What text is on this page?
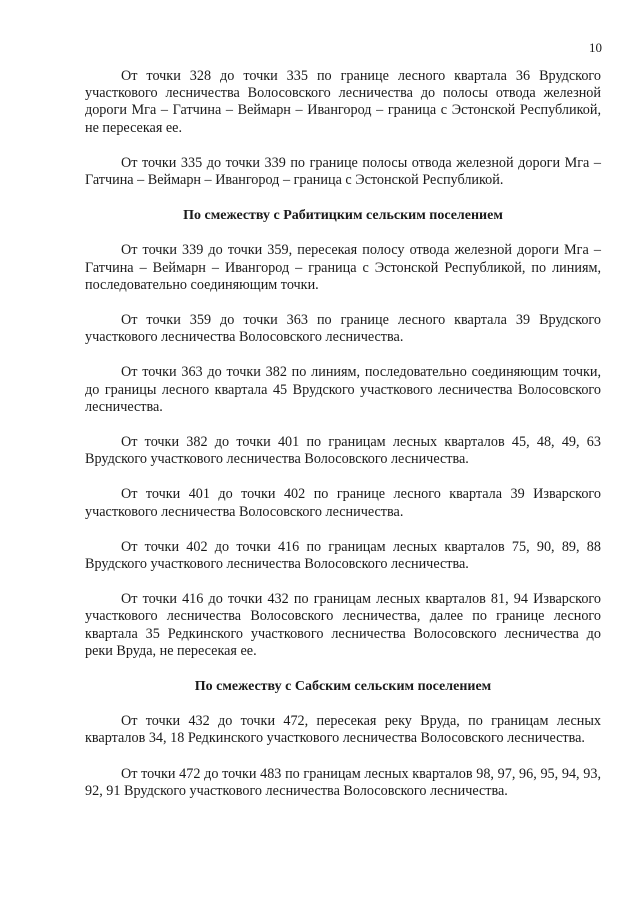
10

От точки 328 до точки 335 по границе лесного квартала 36 Врудского участкового лесничества Волосовского лесничества до полосы отвода железной дороги Мга – Гатчина – Веймарн – Ивангород – граница с Эстонской Республикой, не пересекая ее.

От точки 335 до точки 339 по границе полосы отвода железной дороги Мга – Гатчина – Веймарн – Ивангород – граница с Эстонской Республикой.

По смежеству с Рабитицким сельским поселением

От точки 339 до точки 359, пересекая полосу отвода железной дороги Мга – Гатчина – Веймарн – Ивангород – граница с Эстонской Республикой, по линиям, последовательно соединяющим точки.

От точки 359 до точки 363 по границе лесного квартала 39 Врудского участкового лесничества Волосовского лесничества.

От точки 363 до точки 382 по линиям, последовательно соединяющим точки, до границы лесного квартала 45 Врудского участкового лесничества Волосовского лесничества.

От точки 382 до точки 401 по границам лесных кварталов 45, 48, 49, 63 Врудского участкового лесничества Волосовского лесничества.

От точки 401 до точки 402 по границе лесного квартала 39 Изварского участкового лесничества Волосовского лесничества.

От точки 402 до точки 416 по границам лесных кварталов 75, 90, 89, 88 Врудского участкового лесничества Волосовского лесничества.

От точки 416 до точки 432 по границам лесных кварталов 81, 94 Изварского участкового лесничества Волосовского лесничества, далее по границе лесного квартала 35 Редкинского участкового лесничества Волосовского лесничества до реки Вруда, не пересекая ее.

По смежеству с Сабским сельским поселением

От точки 432 до точки 472, пересекая реку Вруда, по границам лесных кварталов 34, 18 Редкинского участкового лесничества Волосовского лесничества.

От точки 472 до точки 483 по границам лесных кварталов 98, 97, 96, 95, 94, 93, 92, 91 Врудского участкового лесничества Волосовского лесничества.
